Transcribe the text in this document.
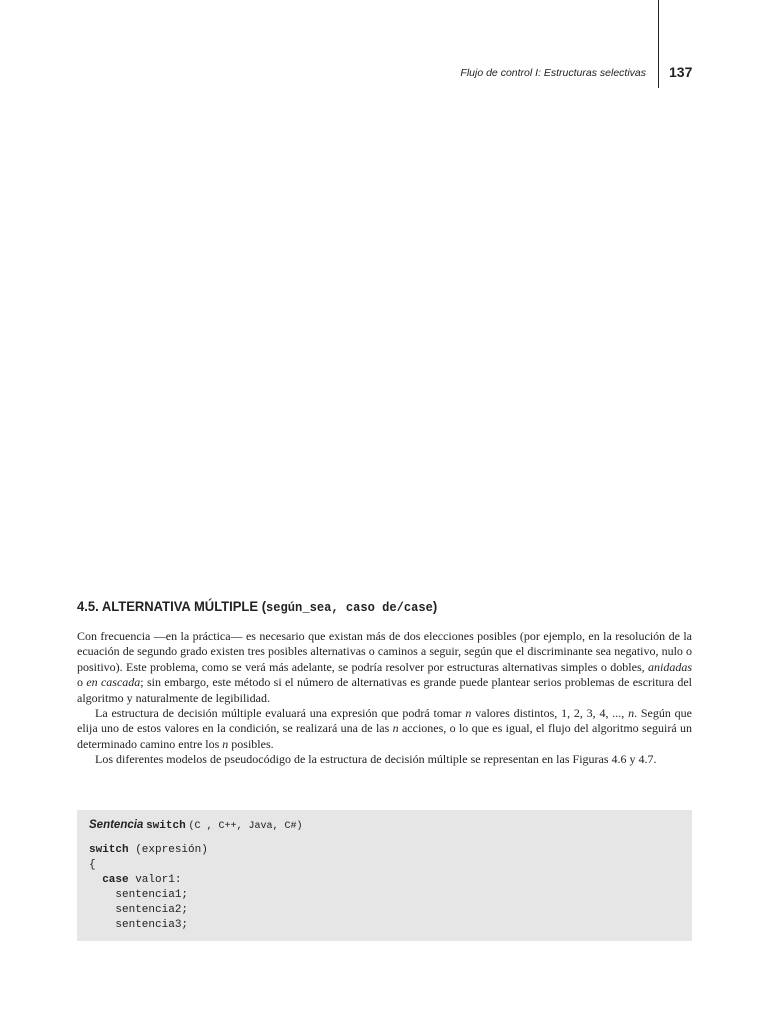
Flujo de control I: Estructuras selectivas 137
4.5. ALTERNATIVA MÚLTIPLE (según_sea, caso de/case)

Con frecuencia —en la práctica— es necesario que existan más de dos elecciones posibles (por ejemplo, en la resolución de la ecuación de segundo grado existen tres posibles alternativas o caminos a seguir, según que el discriminante sea negativo, nulo o positivo). Este problema, como se verá más adelante, se podría resolver por estructuras alternativas simples o dobles, anidadas o en cascada; sin embargo, este método si el número de alternativas es grande puede plantear serios problemas de escritura del algoritmo y naturalmente de legibilidad.

La estructura de decisión múltiple evaluará una expresión que podrá tomar n valores distintos, 1, 2, 3, 4, ..., n. Según que elija uno de estos valores en la condición, se realizará una de las n acciones, o lo que es igual, el flujo del algoritmo seguirá un determinado camino entre los n posibles.

Los diferentes modelos de pseudocódigo de la estructura de decisión múltiple se representan en las Figuras 4.6 y 4.7.

Sentencia switch (C , C++, Java, C#)
switch (expresión)
{
case valor1:
sentencia1;
sentencia2;
sentencia3;
